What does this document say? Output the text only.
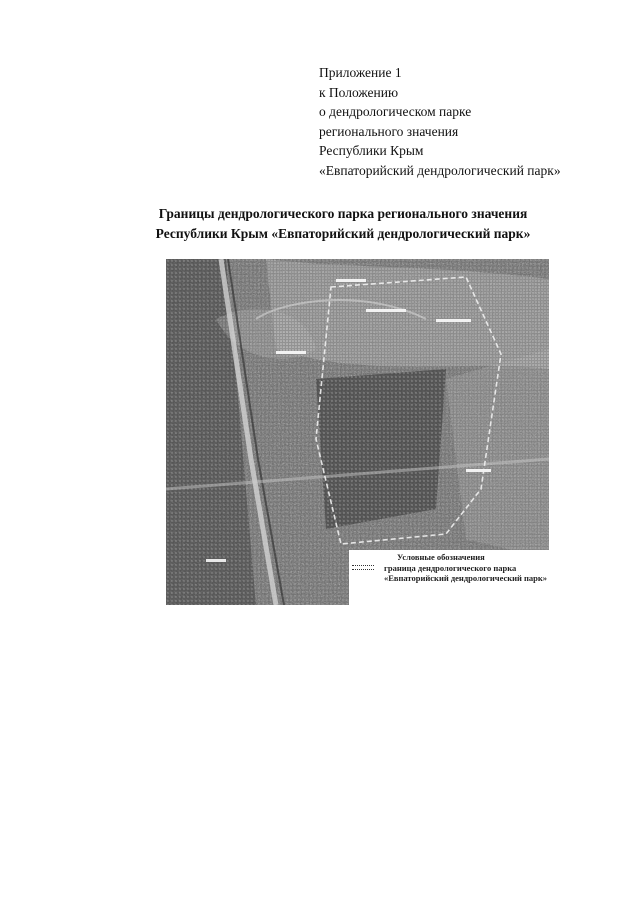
Приложение 1
к Положению
о дендрологическом парке
регионального значения
Республики Крым
«Евпаторийский дендрологический парк»
Границы дендрологического парка регионального значения
Республики Крым «Евпаторийский дендрологический парк»
Условные обозначения
граница дендрологического парка «Евпаторийский дендрологический парк»
